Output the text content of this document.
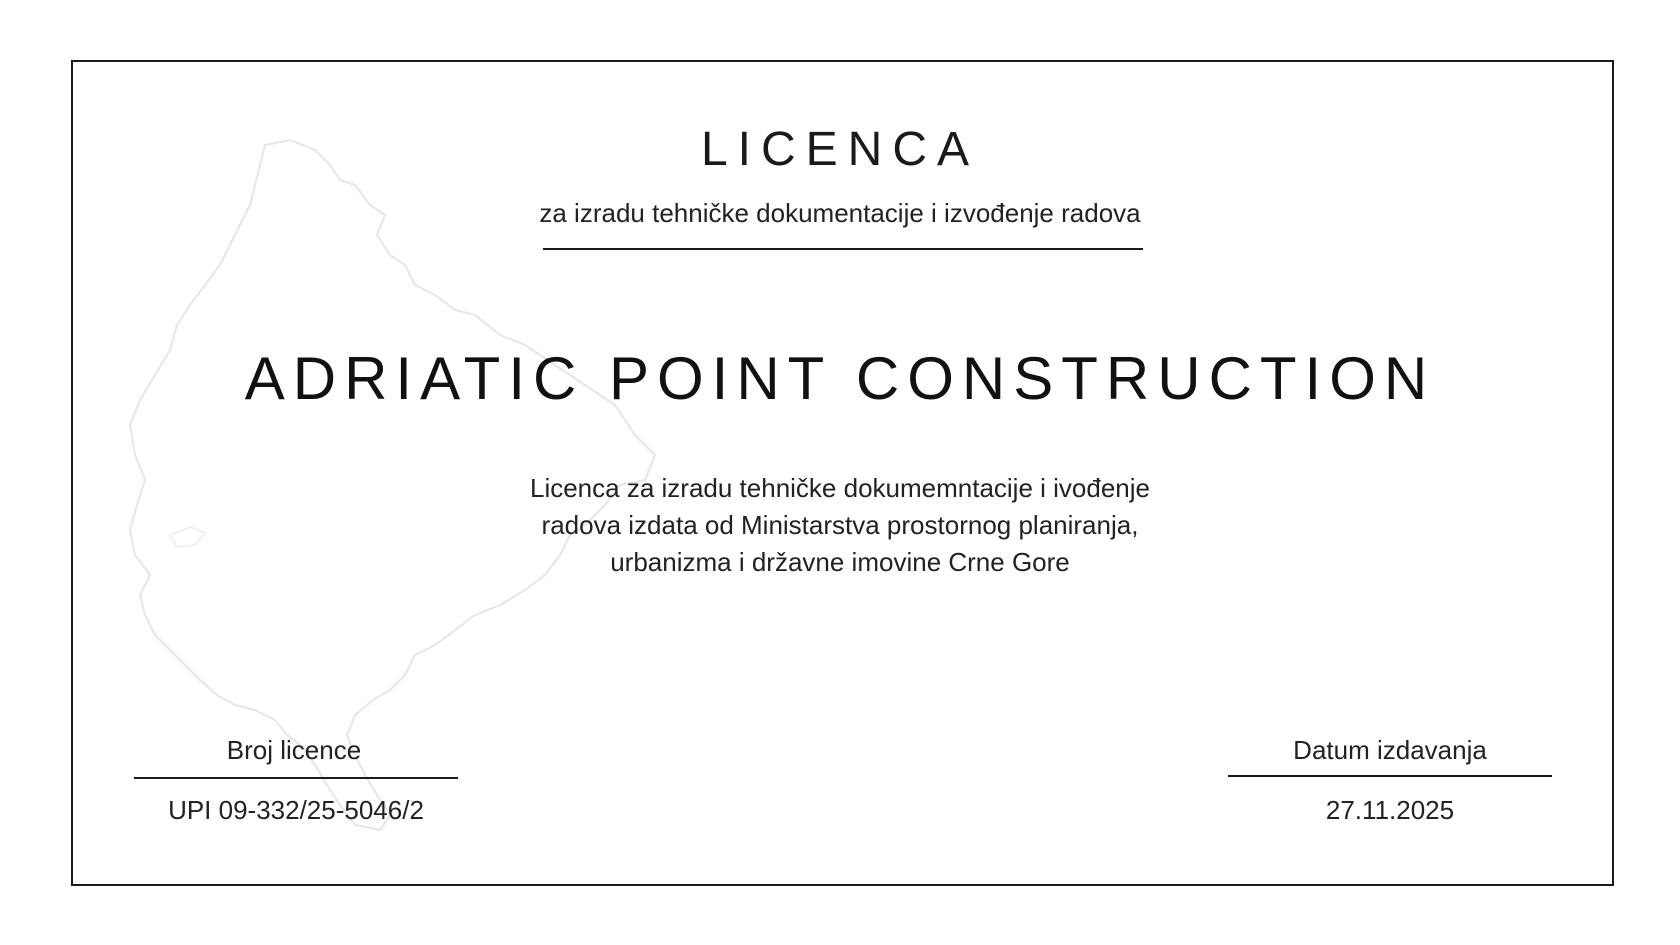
LICENCA
za izradu tehničke dokumentacije i izvođenje radova
ADRIATIC POINT CONSTRUCTION
Licenca za izradu tehničke dokumemntacije i ivođenje
radova izdata od Ministarstva prostornog planiranja,
urbanizma i državne imovine Crne Gore
Broj licence
UPI 09-332/25-5046/2
Datum izdavanja
27.11.2025
